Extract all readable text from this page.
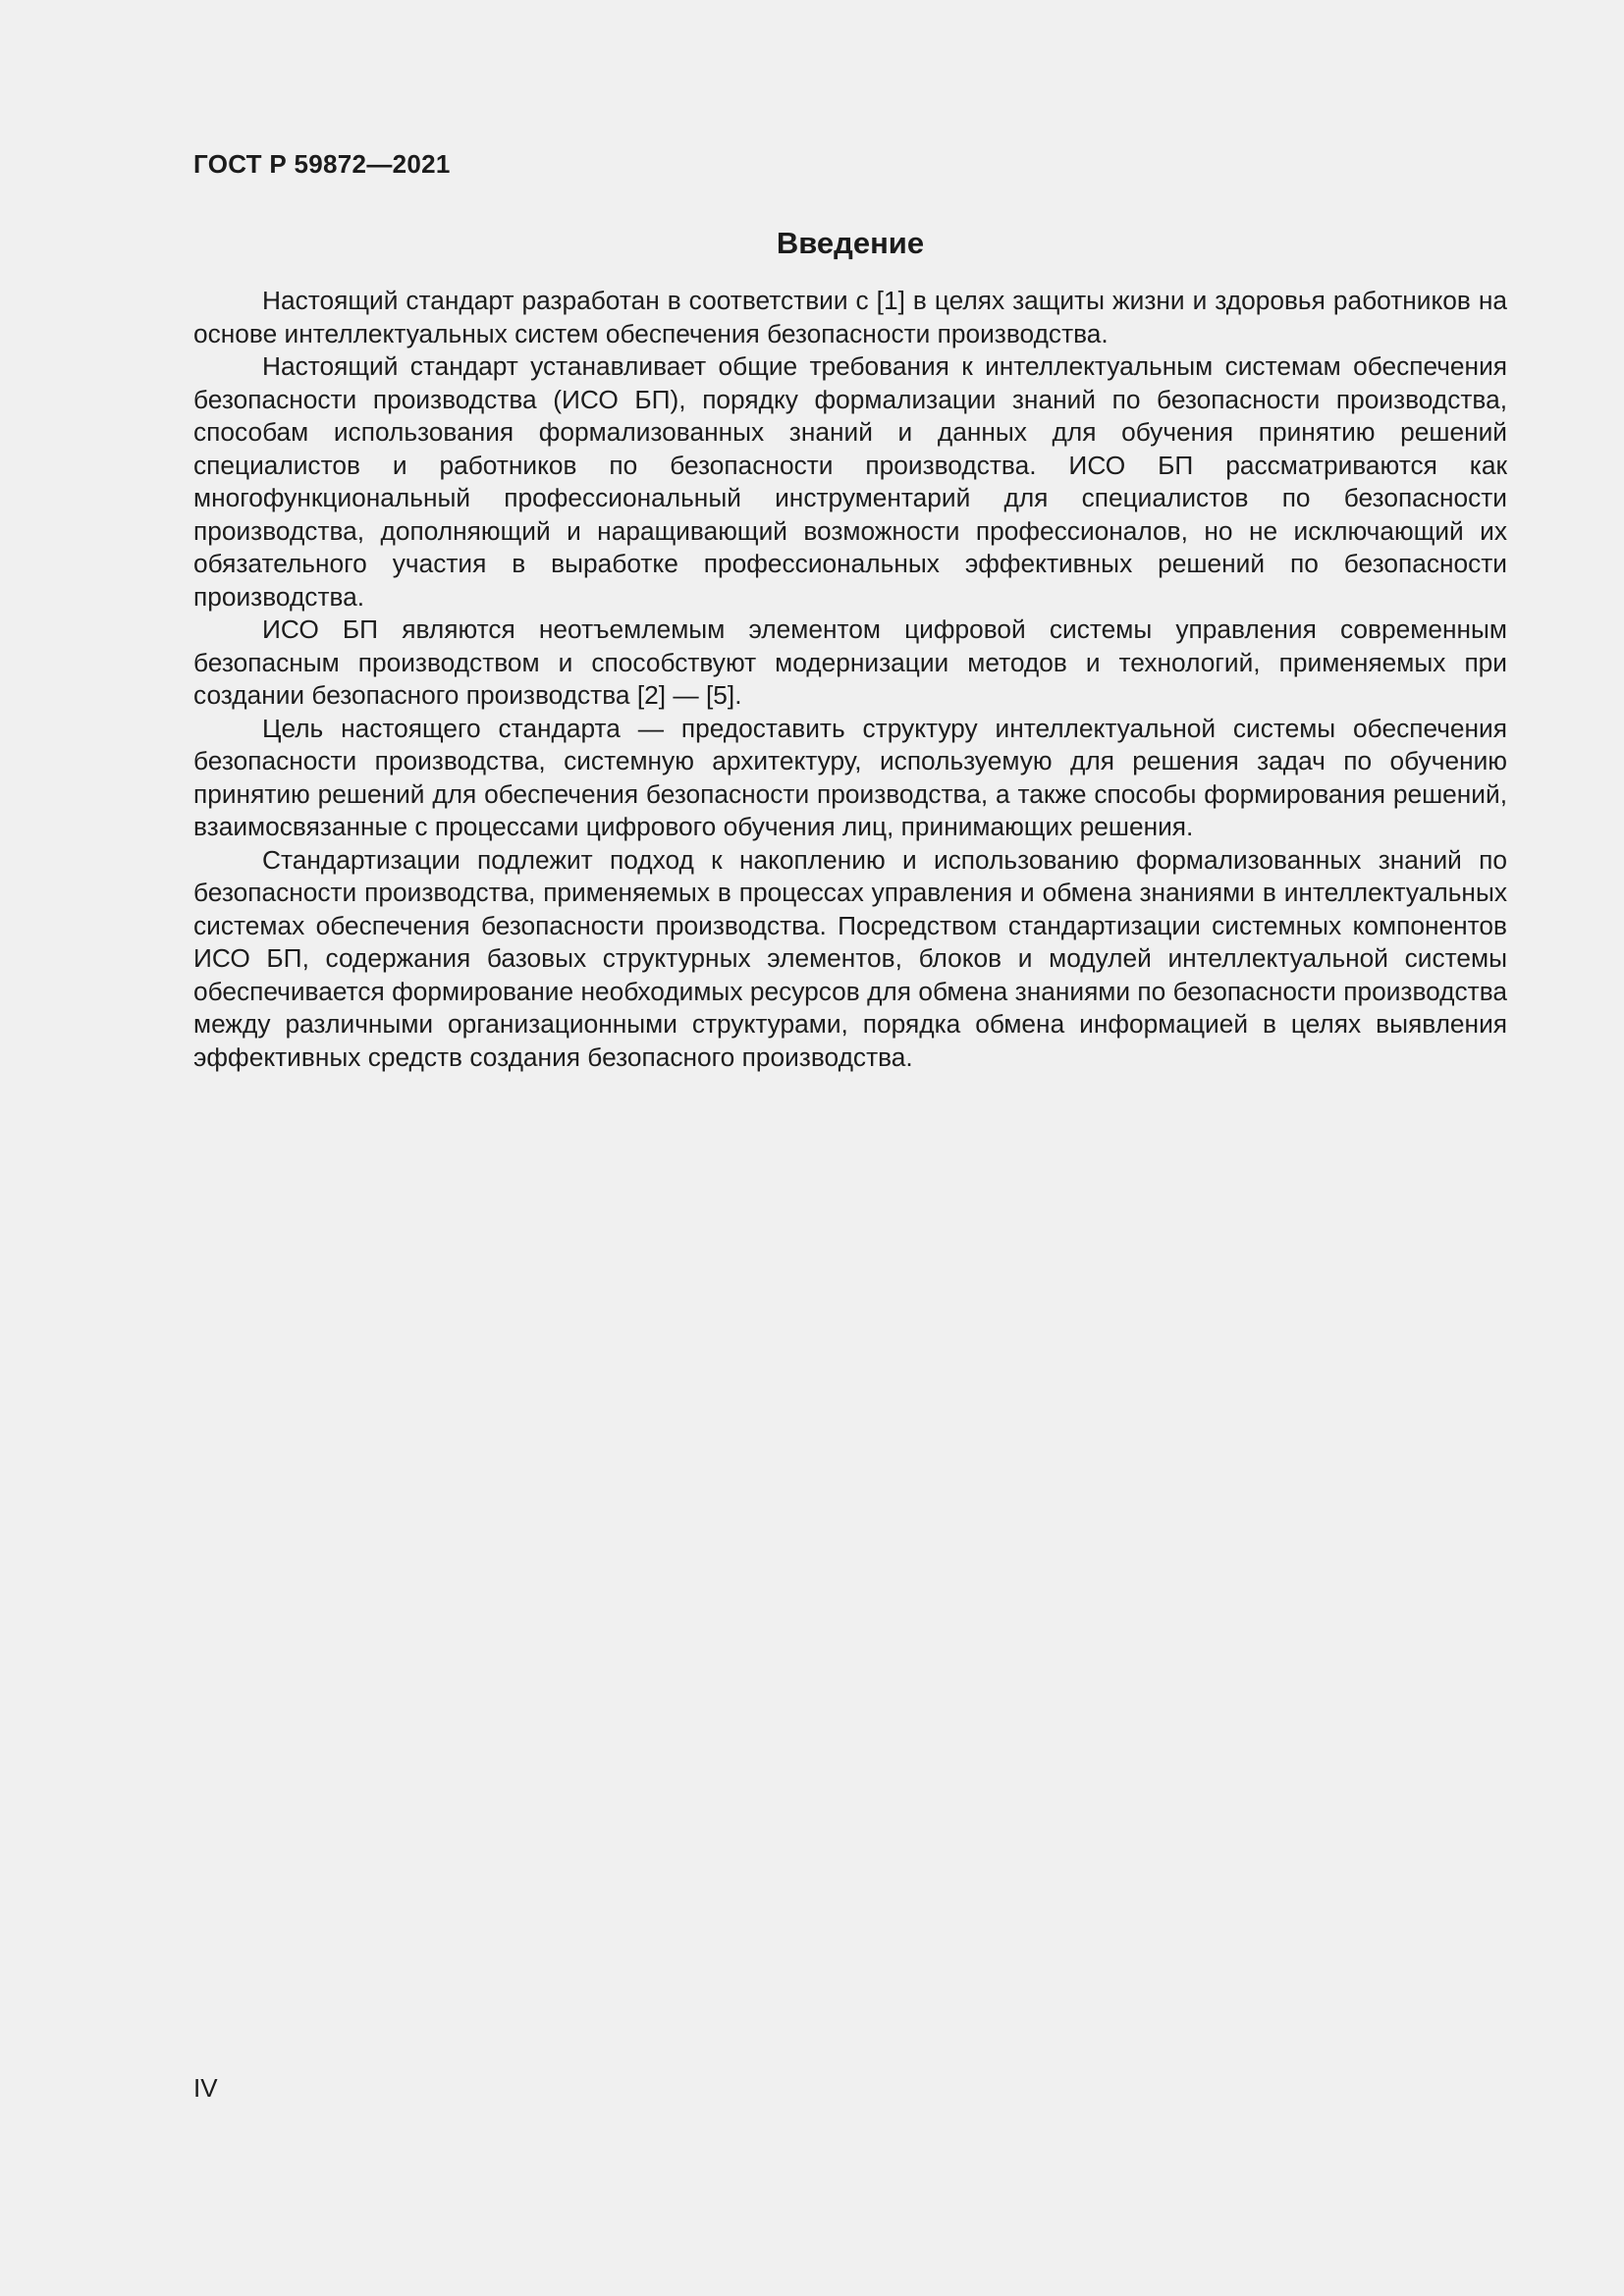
ГОСТ Р 59872—2021
Введение

Настоящий стандарт разработан в соответствии с [1] в целях защиты жизни и здоровья работников на основе интеллектуальных систем обеспечения безопасности производства.

Настоящий стандарт устанавливает общие требования к интеллектуальным системам обеспечения безопасности производства (ИСО БП), порядку формализации знаний по безопасности производства, способам использования формализованных знаний и данных для обучения принятию решений специалистов и работников по безопасности производства. ИСО БП рассматриваются как многофункциональный профессиональный инструментарий для специалистов по безопасности производства, дополняющий и наращивающий возможности профессионалов, но не исключающий их обязательного участия в выработке профессиональных эффективных решений по безопасности производства.

ИСО БП являются неотъемлемым элементом цифровой системы управления современным безопасным производством и способствуют модернизации методов и технологий, применяемых при создании безопасного производства [2] — [5].

Цель настоящего стандарта — предоставить структуру интеллектуальной системы обеспечения безопасности производства, системную архитектуру, используемую для решения задач по обучению принятию решений для обеспечения безопасности производства, а также способы формирования решений, взаимосвязанные с процессами цифрового обучения лиц, принимающих решения.

Стандартизации подлежит подход к накоплению и использованию формализованных знаний по безопасности производства, применяемых в процессах управления и обмена знаниями в интеллектуальных системах обеспечения безопасности производства. Посредством стандартизации системных компонентов ИСО БП, содержания базовых структурных элементов, блоков и модулей интеллектуальной системы обеспечивается формирование необходимых ресурсов для обмена знаниями по безопасности производства между различными организационными структурами, порядка обмена информацией в целях выявления эффективных средств создания безопасного производства.

IV
